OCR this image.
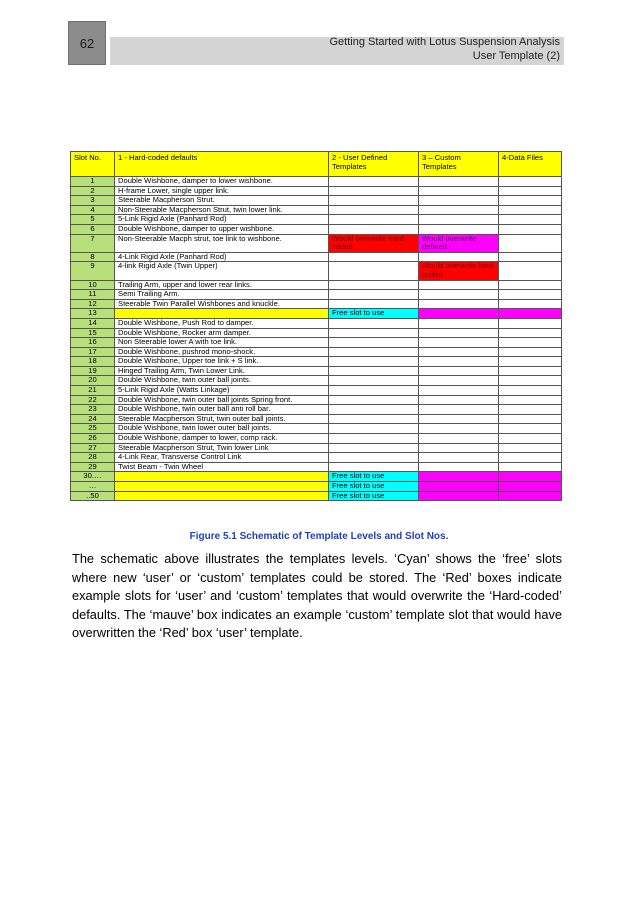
62	Getting Started with Lotus Suspension Analysis
User Template (2)
Slot No.	1 - Hard-coded defaults	2 - User Defined Templates	3 – Custom Templates	4-Data Files
1	Double Wishbone, damper to lower wishbone.			
2	H-frame Lower, single upper link.			
3	Steerable Macpherson Strut.			
4	Non-Steerable Macpherson Strut, twin lower link.			
5	5-Link Rigid Axle (Panhard Rod)			
6	Double Wishbone, damper to upper wishbone.			
7	Non-Steerable Macph strut, toe link to wishbone.	Would overwrite hard coded	Would overwrite defined	
8	4-Link Rigid Axle (Panhard Rod)			
9	4-link Rigid Axle (Twin Upper)		Would overwrite hard coded	
10	Trailing Arm, upper and lower rear links.			
11	Semi Trailing Arm.			
12	Steerable Twin Parallel Wishbones and knuckle.			
13		Free slot to use		
14	Double Wishbone, Push Rod to damper.			
15	Double Wishbone, Rocker arm damper.			
16	Non Steerable lower A with toe link.			
17	Double Wishbone, pushrod mono-shock.			
18	Double Wishbone, Upper toe link + S link.			
19	Hinged Trailing Arm, Twin Lower Link.			
20	Double Wishbone, twin outer ball joints.			
21	5-Link Rigid Axle (Watts Linkage)			
22	Double Wishbone, twin outer ball joints Spring front.			
23	Double Wishbone, twin outer ball anti roll bar.			
24	Steerable Macpherson Strut, twin outer ball joints.			
25	Double Wishbone, twin lower outer ball joints.			
26	Double Wishbone, damper to lower, comp rack.			
27	Steerable Macpherson Strut, Twin lower Link			
28	4-Link Rear, Transverse Control Link			
29	Twist Beam - Twin Wheel			
30.…		Free slot to use		
…		Free slot to use		
..50		Free slot to use		
Figure 5.1 Schematic of Template Levels and Slot Nos.
The schematic above illustrates the templates levels. ‘Cyan’ shows the ‘free’ slots where new ‘user’ or ‘custom’ templates could be stored. The ‘Red’ boxes indicate example slots for ‘user’ and ‘custom’ templates that would overwrite the ‘Hard-coded’ defaults. The ‘mauve’ box indicates an example ‘custom’ template slot that would have overwritten the ‘Red’ box ‘user’ template.
